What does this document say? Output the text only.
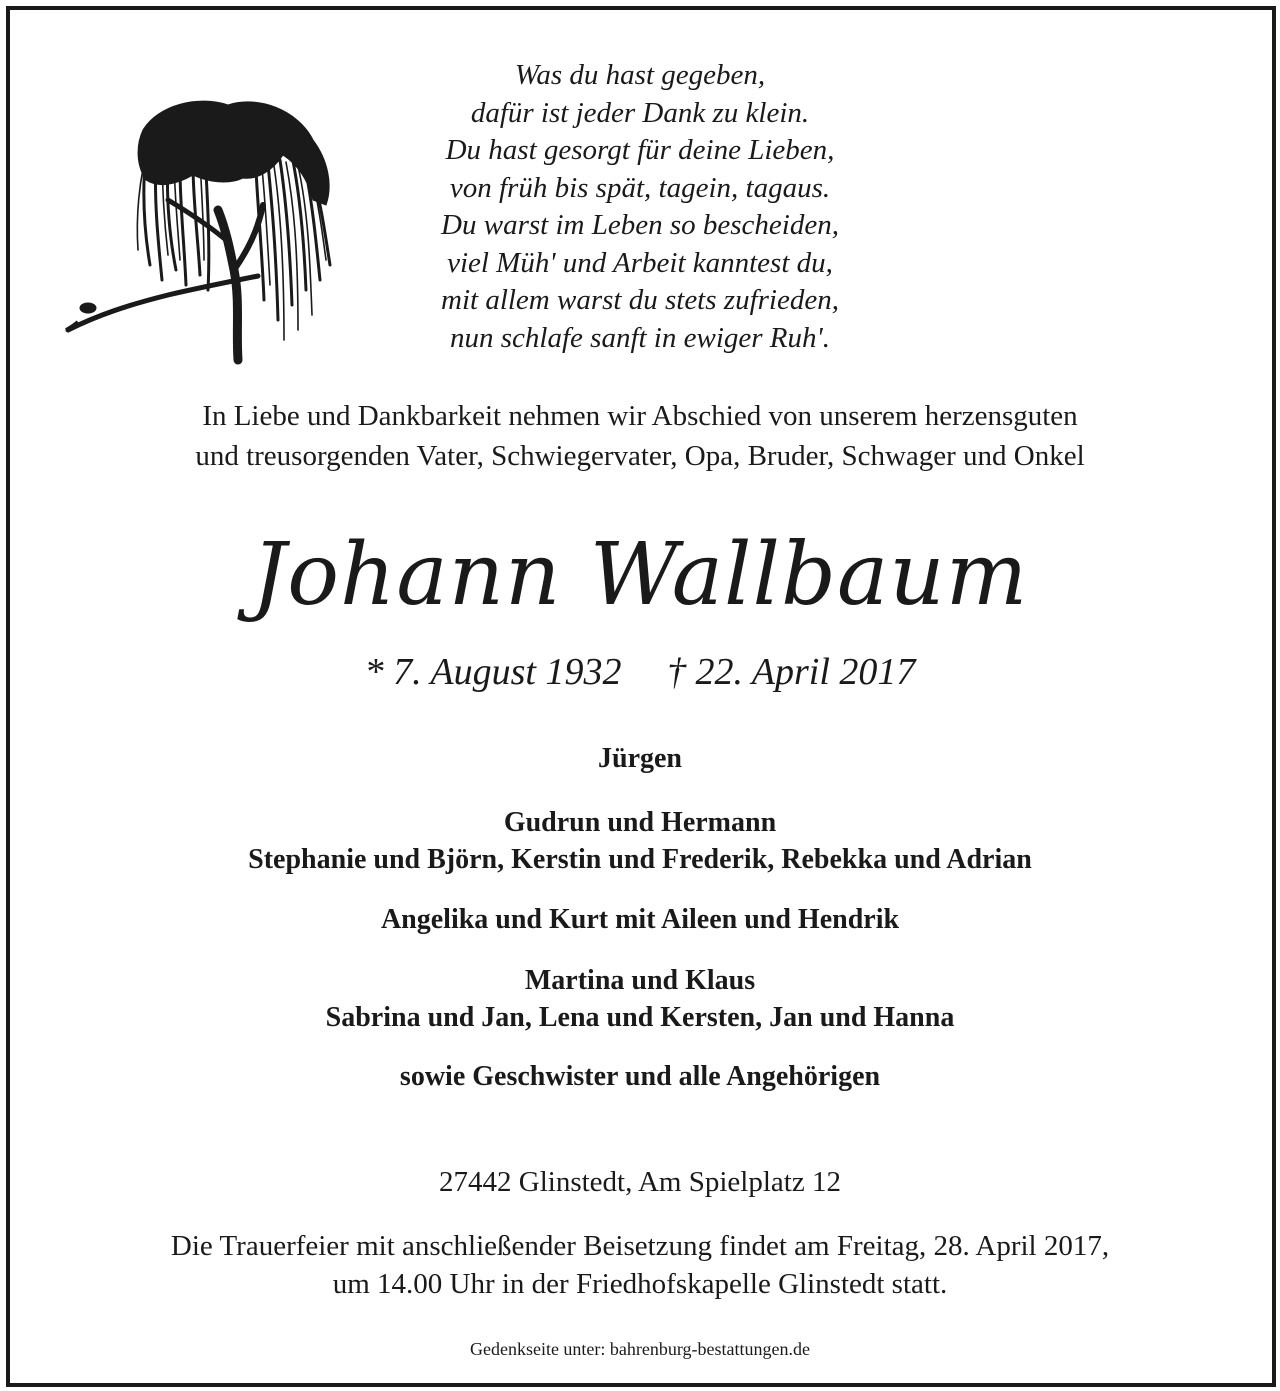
Was du hast gegeben,
dafür ist jeder Dank zu klein.
Du hast gesorgt für deine Lieben,
von früh bis spät, tagein, tagaus.
Du warst im Leben so bescheiden,
viel Müh' und Arbeit kanntest du,
mit allem warst du stets zufrieden,
nun schlafe sanft in ewiger Ruh'.
In Liebe und Dankbarkeit nehmen wir Abschied von unserem herzensguten
und treusorgenden Vater, Schwiegervater, Opa, Bruder, Schwager und Onkel
Johann Wallbaum
* 7. August 1932 † 22. April 2017
Jürgen
Gudrun und Hermann
Stephanie und Björn, Kerstin und Frederik, Rebekka und Adrian
Angelika und Kurt mit Aileen und Hendrik
Martina und Klaus
Sabrina und Jan, Lena und Kersten, Jan und Hanna
sowie Geschwister und alle Angehörigen
27442 Glinstedt, Am Spielplatz 12
Die Trauerfeier mit anschließender Beisetzung findet am Freitag, 28. April 2017,
um 14.00 Uhr in der Friedhofskapelle Glinstedt statt.
Gedenkseite unter: bahrenburg-bestattungen.de
